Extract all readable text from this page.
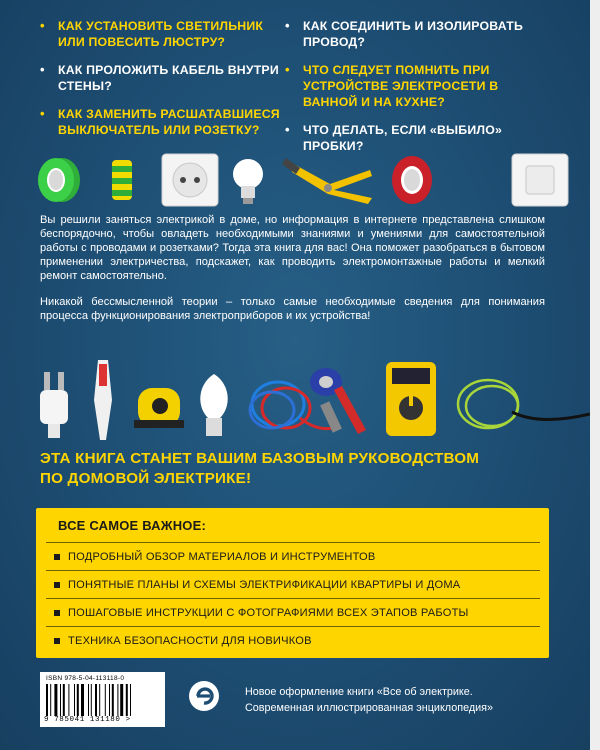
• КАК УСТАНОВИТЬ СВЕТИЛЬНИК ИЛИ ПОВЕСИТЬ ЛЮСТРУ?
• КАК ПРОЛОЖИТЬ КАБЕЛЬ ВНУТРИ СТЕНЫ?
• КАК ЗАМЕНИТЬ РАСШАТАВШИЕСЯ ВЫКЛЮЧАТЕЛЬ ИЛИ РОЗЕТКУ?
• КАК СОЕДИНИТЬ И ИЗОЛИРОВАТЬ ПРОВОД?
• ЧТО СЛЕДУЕТ ПОМНИТЬ ПРИ УСТРОЙСТВЕ ЭЛЕКТРОСЕТИ В ВАННОЙ И НА КУХНЕ?
• ЧТО ДЕЛАТЬ, ЕСЛИ «ВЫБИЛО» ПРОБКИ?

Вы решили заняться электрикой в доме, но информация в интернете представлена слишком беспорядочно, чтобы овладеть необходимыми знаниями и умениями для самостоятельной работы с проводами и розетками? Тогда эта книга для вас! Она поможет разобраться в бытовом применении электричества, подскажет, как проводить электромонтажные работы и мелкий ремонт самостоятельно.

Никакой бессмысленной теории – только самые необходимые сведения для понимания процесса функционирования электроприборов и их устройства!

ЭТА КНИГА СТАНЕТ ВАШИМ БАЗОВЫМ РУКОВОДСТВОМ
ПО ДОМОВОЙ ЭЛЕКТРИКЕ!
ВСЕ САМОЕ ВАЖНОЕ:
ПОДРОБНЫЙ ОБЗОР МАТЕРИАЛОВ И ИНСТРУМЕНТОВ
ПОНЯТНЫЕ ПЛАНЫ И СХЕМЫ ЭЛЕКТРИФИКАЦИИ КВАРТИРЫ И ДОМА
ПОШАГОВЫЕ ИНСТРУКЦИИ С ФОТОГРАФИЯМИ ВСЕХ ЭТАПОВ РАБОТЫ
ТЕХНИКА БЕЗОПАСНОСТИ ДЛЯ НОВИЧКОВ
ISBN 978-5-04-113118-0
9 785041 131180 >
Новое оформление книги «Все об электрике.
Современная иллюстрированная энциклопедия»
